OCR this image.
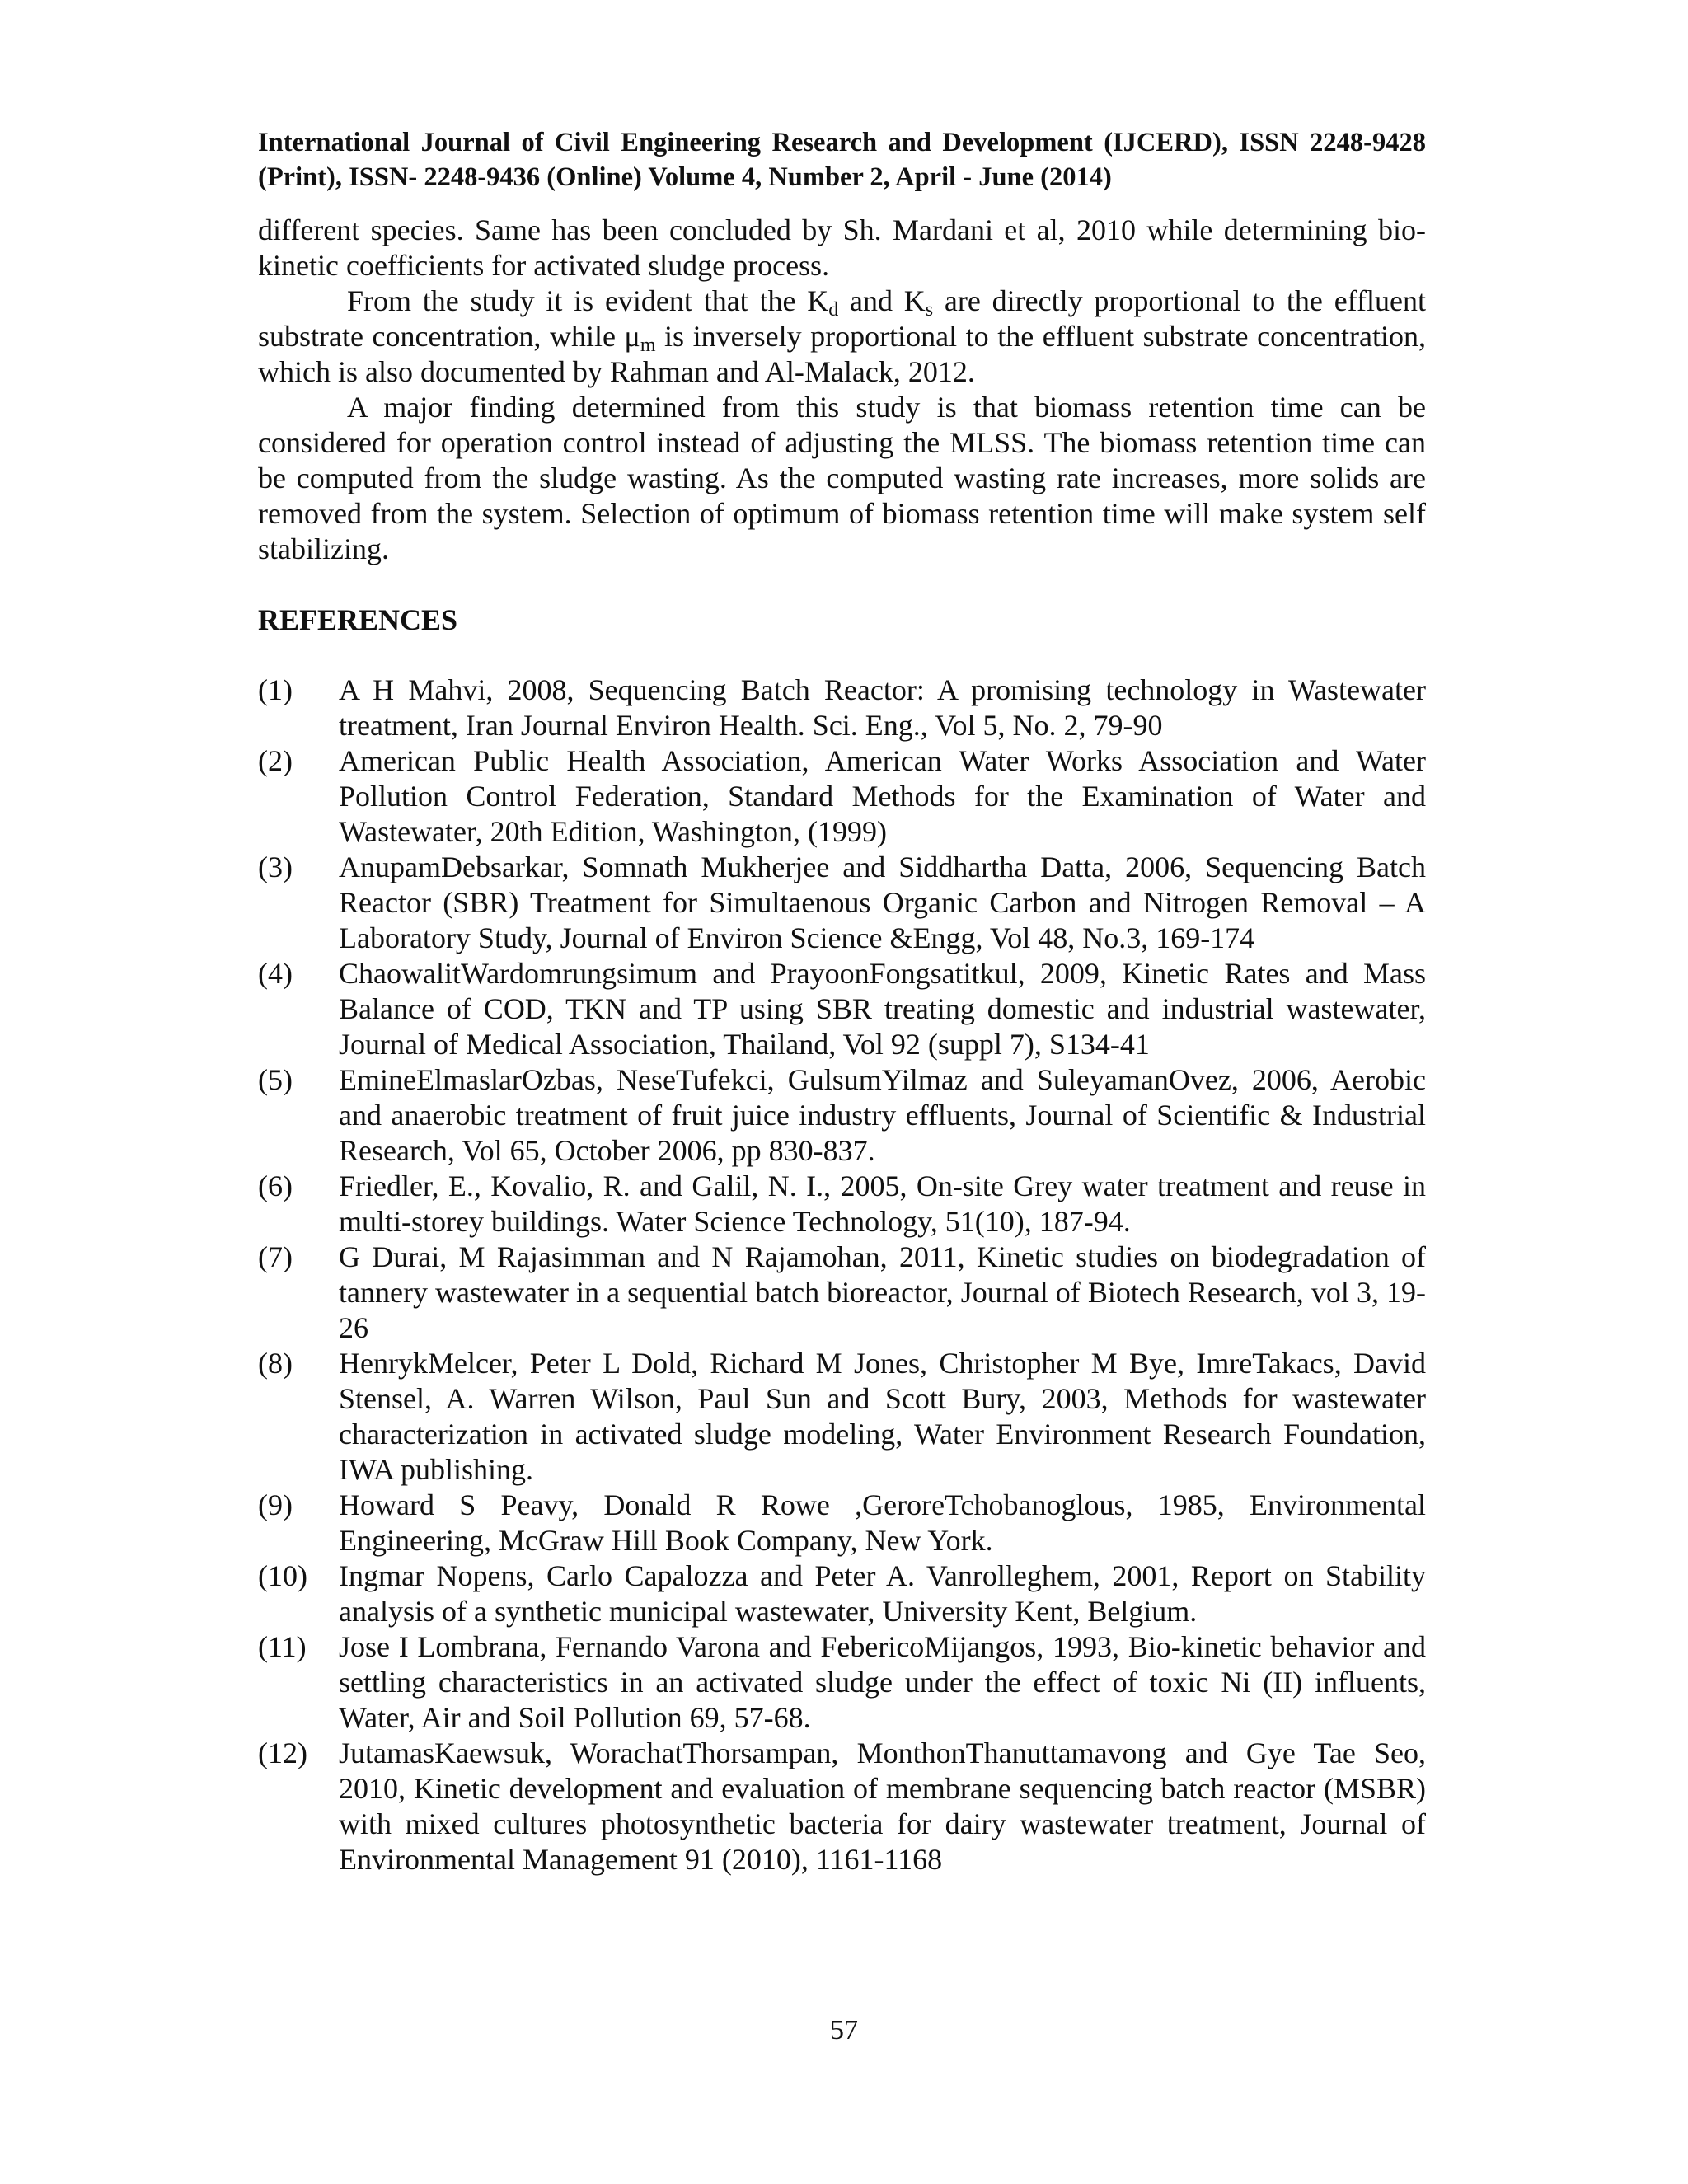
International Journal of Civil Engineering Research and Development (IJCERD), ISSN 2248-9428 (Print), ISSN- 2248-9436 (Online) Volume 4, Number 2, April - June (2014)

different species. Same has been concluded by Sh. Mardani et al, 2010 while determining bio-kinetic coefficients for activated sludge process.

From the study it is evident that the $K_d$ and $K_s$ are directly proportional to the effluent substrate concentration, while $\mu_m$ is inversely proportional to the effluent substrate concentration, which is also documented by Rahman and Al-Malack, 2012.

A major finding determined from this study is that biomass retention time can be considered for operation control instead of adjusting the MLSS. The biomass retention time can be computed from the sludge wasting. As the computed wasting rate increases, more solids are removed from the system. Selection of optimum of biomass retention time will make system self stabilizing.

REFERENCES
(1)	A H Mahvi, 2008, Sequencing Batch Reactor: A promising technology in Wastewater treatment, Iran Journal Environ Health. Sci. Eng., Vol 5, No. 2, 79-90
(2)	American Public Health Association, American Water Works Association and Water Pollution Control Federation, Standard Methods for the Examination of Water and Wastewater, 20th Edition, Washington, (1999)
(3)	AnupamDebsarkar, Somnath Mukherjee and Siddhartha Datta, 2006, Sequencing Batch Reactor (SBR) Treatment for Simultaenous Organic Carbon and Nitrogen Removal – A Laboratory Study, Journal of Environ Science &Engg, Vol 48, No.3, 169-174
(4)	ChaowalitWardomrungsimum and PrayoonFongsatitkul, 2009, Kinetic Rates and Mass Balance of COD, TKN and TP using SBR treating domestic and industrial wastewater, Journal of Medical Association, Thailand, Vol 92 (suppl 7), S134-41
(5)	EmineElmaslarOzbas, NeseTufekci, GulsumYilmaz and SuleyamanOvez, 2006, Aerobic and anaerobic treatment of fruit juice industry effluents, Journal of Scientific & Industrial Research, Vol 65, October 2006, pp 830-837.
(6)	Friedler, E., Kovalio, R. and Galil, N. I., 2005, On-site Grey water treatment and reuse in multi-storey buildings. Water Science Technology, 51(10), 187-94.
(7)	G Durai, M Rajasimman and N Rajamohan, 2011, Kinetic studies on biodegradation of tannery wastewater in a sequential batch bioreactor, Journal of Biotech Research, vol 3, 19-26
(8)	HenrykMelcer, Peter L Dold, Richard M Jones, Christopher M Bye, ImreTakacs, David Stensel, A. Warren Wilson, Paul Sun and Scott Bury, 2003, Methods for wastewater characterization in activated sludge modeling, Water Environment Research Foundation, IWA publishing.
(9)	Howard S Peavy, Donald R Rowe ,GeroreTchobanoglous, 1985, Environmental Engineering, McGraw Hill Book Company, New York.
(10)	Ingmar Nopens, Carlo Capalozza and Peter A. Vanrolleghem, 2001, Report on Stability analysis of a synthetic municipal wastewater, University Kent, Belgium.
(11)	Jose I Lombrana, Fernando Varona and FebericoMijangos, 1993, Bio-kinetic behavior and settling characteristics in an activated sludge under the effect of toxic Ni (II) influents, Water, Air and Soil Pollution 69, 57-68.
(12)	JutamasKaewsuk, WorachatThorsampan, MonthonThanuttamavong and Gye Tae Seo, 2010, Kinetic development and evaluation of membrane sequencing batch reactor (MSBR) with mixed cultures photosynthetic bacteria for dairy wastewater treatment, Journal of Environmental Management 91 (2010), 1161-1168
57
